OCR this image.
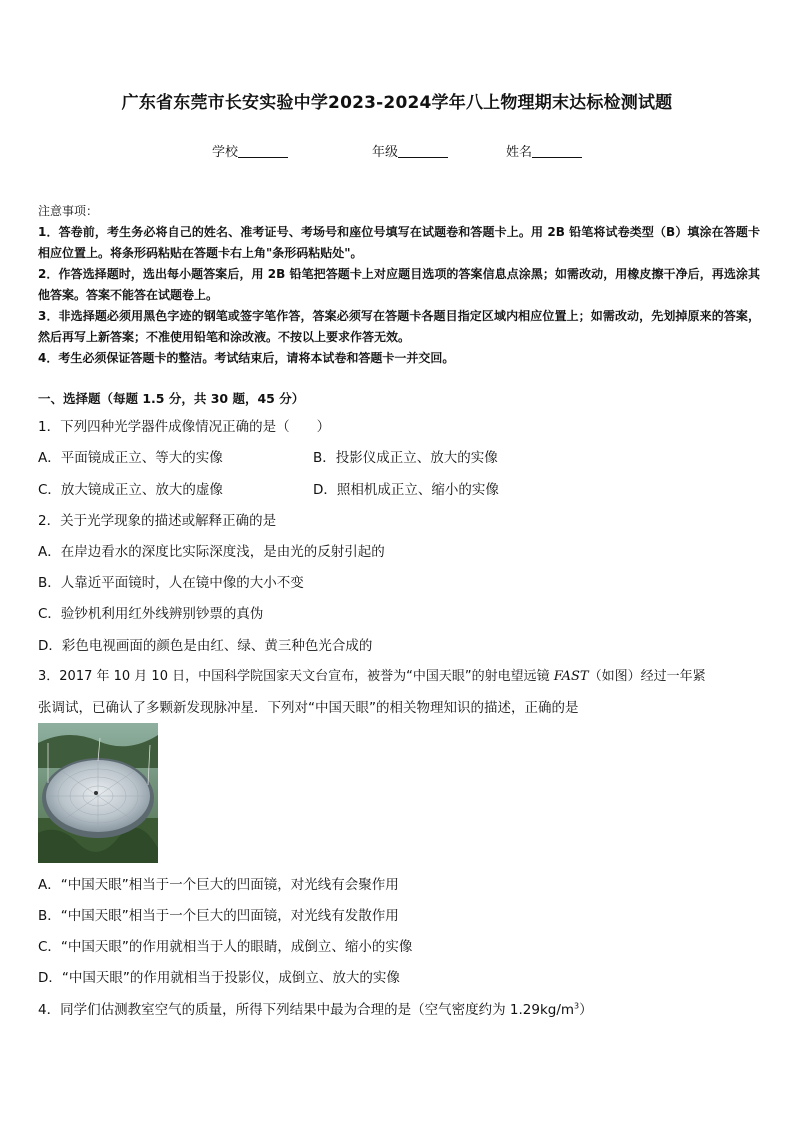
广东省东莞市长安实验中学2023-2024学年八上物理期末达标检测试题
学校	年级	姓名
注意事项：

1．答卷前，考生务必将自己的姓名、准考证号、考场号和座位号填写在试题卷和答题卡上。用 2B 铅笔将试卷类型（B）填涂在答题卡相应位置上。将条形码粘贴在答题卡右上角"条形码粘贴处"。

2．作答选择题时，选出每小题答案后，用 2B 铅笔把答题卡上对应题目选项的答案信息点涂黑；如需改动，用橡皮擦干净后，再选涂其他答案。答案不能答在试题卷上。

3．非选择题必须用黑色字迹的钢笔或签字笔作答，答案必须写在答题卡各题目指定区域内相应位置上；如需改动，先划掉原来的答案，然后再写上新答案；不准使用铅笔和涂改液。不按以上要求作答无效。

4．考生必须保证答题卡的整洁。考试结束后，请将本试卷和答题卡一并交回。

一、选择题（每题 1.5 分，共 30 题，45 分）
1．下列四种光学器件成像情况正确的是（　　）
A．平面镜成正立、等大的实像	B．投影仪成正立、放大的实像
C．放大镜成正立、放大的虚像	D．照相机成正立、缩小的实像
2．关于光学现象的描述或解释正确的是
A．在岸边看水的深度比实际深度浅，是由光的反射引起的
B．人靠近平面镜时，人在镜中像的大小不变
C．验钞机利用红外线辨别钞票的真伪
D．彩色电视画面的颜色是由红、绿、黄三种色光合成的
3．2017 年 10 月 10 日，中国科学院国家天文台宣布，被誉为“中国天眼”的射电望远镜 FAST（如图）经过一年紧
张调试，已确认了多颗新发现脉冲星．下列对“中国天眼”的相关物理知识的描述，正确的是
A．“中国天眼”相当于一个巨大的凹面镜，对光线有会聚作用
B．“中国天眼”相当于一个巨大的凹面镜，对光线有发散作用
C．“中国天眼”的作用就相当于人的眼睛，成倒立、缩小的实像
D．“中国天眼”的作用就相当于投影仪，成倒立、放大的实像
4．同学们估测教室空气的质量，所得下列结果中最为合理的是（空气密度约为 $1.29kg/m^3$）
